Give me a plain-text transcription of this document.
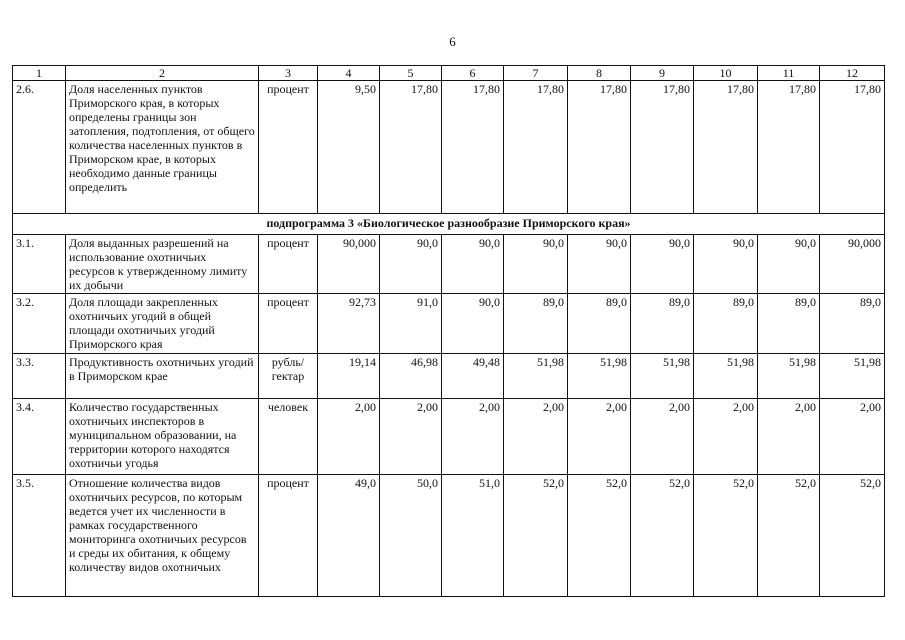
6
1	2	3	4	5	6	7	8	9	10	11	12
2.6.	Доля населенных пунктов Приморского края, в которых определены границы зон затопления, подтопления, от общего количества населенных пунктов в Приморском крае, в которых необходимо данные границы определить	процент	9,50	17,80	17,80	17,80	17,80	17,80	17,80	17,80	17,80
подпрограмма 3 «Биологическое разнообразие Приморского края»											
3.1.	Доля выданных разрешений на использование охотничьих ресурсов к утвержденному лимиту их добычи	процент	90,000	90,0	90,0	90,0	90,0	90,0	90,0	90,0	90,000
3.2.	Доля площади закрепленных охотничьих угодий в общей площади охотничьих угодий Приморского края	процент	92,73	91,0	90,0	89,0	89,0	89,0	89,0	89,0	89,0
3.3.	Продуктивность охотничьих угодий в Приморском крае	рубль/ гектар	19,14	46,98	49,48	51,98	51,98	51,98	51,98	51,98	51,98
3.4.	Количество государственных охотничьих инспекторов в муниципальном образовании, на территории которого находятся охотничьи угодья	человек	2,00	2,00	2,00	2,00	2,00	2,00	2,00	2,00	2,00
3.5.	Отношение количества видов охотничьих ресурсов, по которым ведется учет их численности в рамках государственного мониторинга охотничьих ресурсов и среды их обитания, к общему количеству видов охотничьих	процент	49,0	50,0	51,0	52,0	52,0	52,0	52,0	52,0	52,0
